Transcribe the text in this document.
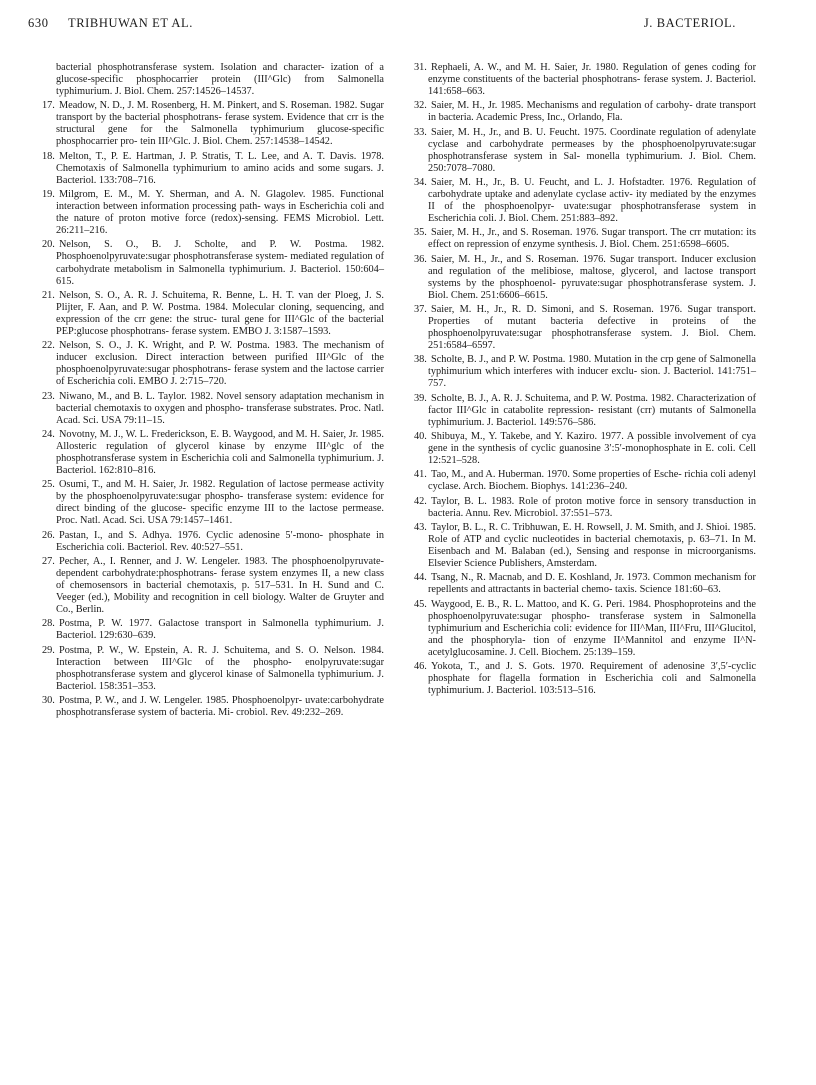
630 TRIBHUWAN ET AL.	J. BACTERIOL.
bacterial phosphotransferase system. Isolation and character- ization of a glucose-specific phosphocarrier protein (III^Glc) from Salmonella typhimurium. J. Biol. Chem. 257:14526–14537.
17. Meadow, N. D., J. M. Rosenberg, H. M. Pinkert, and S. Roseman. 1982. Sugar transport by the bacterial phosphotrans- ferase system. Evidence that crr is the structural gene for the Salmonella typhimurium glucose-specific phosphocarrier pro- tein III^Glc. J. Biol. Chem. 257:14538–14542.
18. Melton, T., P. E. Hartman, J. P. Stratis, T. L. Lee, and A. T. Davis. 1978. Chemotaxis of Salmonella typhimurium to amino acids and some sugars. J. Bacteriol. 133:708–716.
19. Milgrom, E. M., M. Y. Sherman, and A. N. Glagolev. 1985. Functional interaction between information processing path- ways in Escherichia coli and the nature of proton motive force (redox)-sensing. FEMS Microbiol. Lett. 26:211–216.
20. Nelson, S. O., B. J. Scholte, and P. W. Postma. 1982. Phosphoenolpyruvate:sugar phosphotransferase system- mediated regulation of carbohydrate metabolism in Salmonella typhimurium. J. Bacteriol. 150:604–615.
21. Nelson, S. O., A. R. J. Schuitema, R. Benne, L. H. T. van der Ploeg, J. S. Plijter, F. Aan, and P. W. Postma. 1984. Molecular cloning, sequencing, and expression of the crr gene: the struc- tural gene for III^Glc of the bacterial PEP:glucose phosphotrans- ferase system. EMBO J. 3:1587–1593.
22. Nelson, S. O., J. K. Wright, and P. W. Postma. 1983. The mechanism of inducer exclusion. Direct interaction between purified III^Glc of the phosphoenolpyruvate:sugar phosphotrans- ferase system and the lactose carrier of Escherichia coli. EMBO J. 2:715–720.
23. Niwano, M., and B. L. Taylor. 1982. Novel sensory adaptation mechanism in bacterial chemotaxis to oxygen and phospho- transferase substrates. Proc. Natl. Acad. Sci. USA 79:11–15.
24. Novotny, M. J., W. L. Frederickson, E. B. Waygood, and M. H. Saier, Jr. 1985. Allosteric regulation of glycerol kinase by enzyme III^glc of the phosphotransferase system in Escherichia coli and Salmonella typhimurium. J. Bacteriol. 162:810–816.
25. Osumi, T., and M. H. Saier, Jr. 1982. Regulation of lactose permease activity by the phosphoenolpyruvate:sugar phospho- transferase system: evidence for direct binding of the glucose- specific enzyme III to the lactose permease. Proc. Natl. Acad. Sci. USA 79:1457–1461.
26. Pastan, I., and S. Adhya. 1976. Cyclic adenosine 5′-mono- phosphate in Escherichia coli. Bacteriol. Rev. 40:527–551.
27. Pecher, A., I. Renner, and J. W. Lengeler. 1983. The phosphoenolpyruvate-dependent carbohydrate:phosphotrans- ferase system enzymes II, a new class of chemosensors in bacterial chemotaxis, p. 517–531. In H. Sund and C. Veeger (ed.), Mobility and recognition in cell biology. Walter de Gruyter and Co., Berlin.
28. Postma, P. W. 1977. Galactose transport in Salmonella typhimurium. J. Bacteriol. 129:630–639.
29. Postma, P. W., W. Epstein, A. R. J. Schuitema, and S. O. Nelson. 1984. Interaction between III^Glc of the phospho- enolpyruvate:sugar phosphotransferase system and glycerol kinase of Salmonella typhimurium. J. Bacteriol. 158:351–353.
30. Postma, P. W., and J. W. Lengeler. 1985. Phosphoenolpyr- uvate:carbohydrate phosphotransferase system of bacteria. Mi- crobiol. Rev. 49:232–269.
31. Rephaeli, A. W., and M. H. Saier, Jr. 1980. Regulation of genes coding for enzyme constituents of the bacterial phosphotrans- ferase system. J. Bacteriol. 141:658–663.
32. Saier, M. H., Jr. 1985. Mechanisms and regulation of carbohy- drate transport in bacteria. Academic Press, Inc., Orlando, Fla.
33. Saier, M. H., Jr., and B. U. Feucht. 1975. Coordinate regulation of adenylate cyclase and carbohydrate permeases by the phosphoenolpyruvate:sugar phosphotransferase system in Sal- monella typhimurium. J. Biol. Chem. 250:7078–7080.
34. Saier, M. H., Jr., B. U. Feucht, and L. J. Hofstadter. 1976. Regulation of carbohydrate uptake and adenylate cyclase activ- ity mediated by the enzymes II of the phosphoenolpyr- uvate:sugar phosphotransferase system in Escherichia coli. J. Biol. Chem. 251:883–892.
35. Saier, M. H., Jr., and S. Roseman. 1976. Sugar transport. The crr mutation: its effect on repression of enzyme synthesis. J. Biol. Chem. 251:6598–6605.
36. Saier, M. H., Jr., and S. Roseman. 1976. Sugar transport. Inducer exclusion and regulation of the melibiose, maltose, glycerol, and lactose transport systems by the phosphoenol- pyruvate:sugar phosphotransferase system. J. Biol. Chem. 251:6606–6615.
37. Saier, M. H., Jr., R. D. Simoni, and S. Roseman. 1976. Sugar transport. Properties of mutant bacteria defective in proteins of the phosphoenolpyruvate:sugar phosphotransferase system. J. Biol. Chem. 251:6584–6597.
38. Scholte, B. J., and P. W. Postma. 1980. Mutation in the crp gene of Salmonella typhimurium which interferes with inducer exclu- sion. J. Bacteriol. 141:751–757.
39. Scholte, B. J., A. R. J. Schuitema, and P. W. Postma. 1982. Characterization of factor III^Glc in catabolite repression- resistant (crr) mutants of Salmonella typhimurium. J. Bacteriol. 149:576–586.
40. Shibuya, M., Y. Takebe, and Y. Kaziro. 1977. A possible involvement of cya gene in the synthesis of cyclic guanosine 3′:5′-monophosphate in E. coli. Cell 12:521–528.
41. Tao, M., and A. Huberman. 1970. Some properties of Esche- richia coli adenyl cyclase. Arch. Biochem. Biophys. 141:236–240.
42. Taylor, B. L. 1983. Role of proton motive force in sensory transduction in bacteria. Annu. Rev. Microbiol. 37:551–573.
43. Taylor, B. L., R. C. Tribhuwan, E. H. Rowsell, J. M. Smith, and J. Shioi. 1985. Role of ATP and cyclic nucleotides in bacterial chemotaxis, p. 63–71. In M. Eisenbach and M. Balaban (ed.), Sensing and response in microorganisms. Elsevier Science Publishers, Amsterdam.
44. Tsang, N., R. Macnab, and D. E. Koshland, Jr. 1973. Common mechanism for repellents and attractants in bacterial chemo- taxis. Science 181:60–63.
45. Waygood, E. B., R. L. Mattoo, and K. G. Peri. 1984. Phosphoproteins and the phosphoenolpyruvate:sugar phospho- transferase system in Salmonella typhimurium and Escherichia coli: evidence for III^Man, III^Fru, III^Glucitol, and the phosphoryla- tion of enzyme II^Mannitol and enzyme II^N-acetylglucosamine. J. Cell. Biochem. 25:139–159.
46. Yokota, T., and J. S. Gots. 1970. Requirement of adenosine 3′,5′-cyclic phosphate for flagella formation in Escherichia coli and Salmonella typhimurium. J. Bacteriol. 103:513–516.
